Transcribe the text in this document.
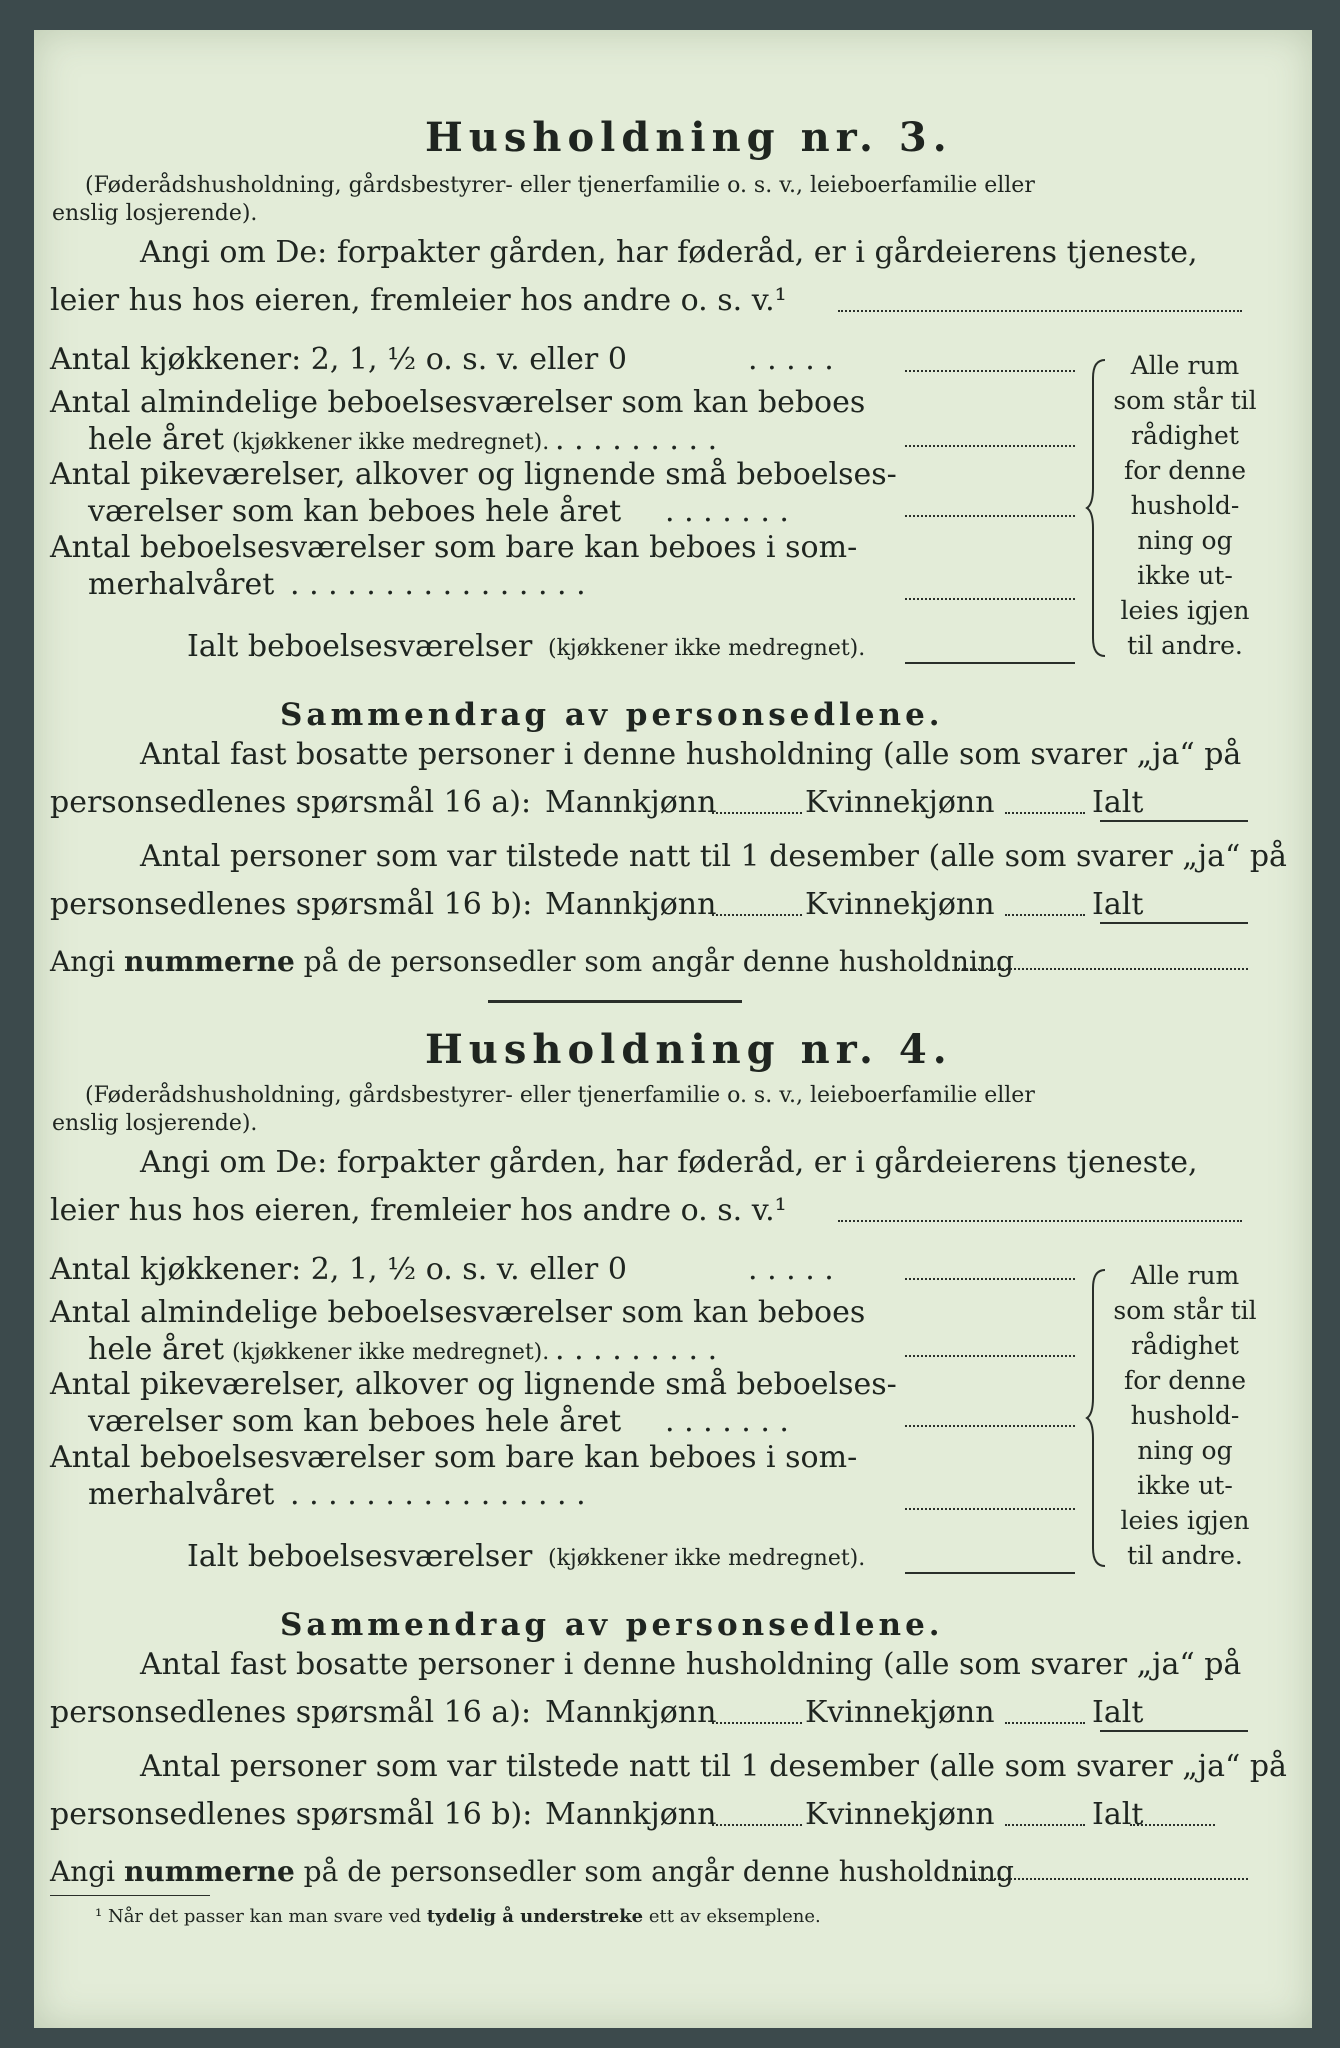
Husholdning nr. 3.
(Føderådshusholdning, gårdsbestyrer- eller tjenerfamilie o. s. v., leieboerfamilie eller
enslig losjerende).
Angi om De: forpakter gården, har føderåd, er i gårdeierens tjeneste,
leier hus hos eieren, fremleier hos andre o. s. v.¹
Antal kjøkkener: 2, 1, ½ o. s. v. eller 0	. . . . .
Antal almindelige beboelsesværelser som kan beboes
hele året (kjøkkener ikke medregnet). . . . . . . . . .
Antal pikeværelser, alkover og lignende små beboelses-
værelser som kan beboes hele året . . . . . . .
Antal beboelsesværelser som bare kan beboes i som-
merhalvåret . . . . . . . . . . . . . . . .
Ialt beboelsesværelser (kjøkkener ikke medregnet).
Alle rum
som står til
rådighet
for denne
hushold-
ning og
ikke ut-
leies igjen
til andre.
Sammendrag av personsedlene.
Antal fast bosatte personer i denne husholdning (alle som svarer „ja“ på
personsedlenes spørsmål 16 a): Mannkjønn	Kvinnekjønn	Ialt
Antal personer som var tilstede natt til 1 desember (alle som svarer „ja“ på
personsedlenes spørsmål 16 b): Mannkjønn	Kvinnekjønn	Ialt
Angi nummerne på de personsedler som angår denne husholdning
Husholdning nr. 4.
(Føderådshusholdning, gårdsbestyrer- eller tjenerfamilie o. s. v., leieboerfamilie eller
enslig losjerende).
Angi om De: forpakter gården, har føderåd, er i gårdeierens tjeneste,
leier hus hos eieren, fremleier hos andre o. s. v.¹
Antal kjøkkener: 2, 1, ½ o. s. v. eller 0	. . . . .
Antal almindelige beboelsesværelser som kan beboes
hele året (kjøkkener ikke medregnet). . . . . . . . . .
Antal pikeværelser, alkover og lignende små beboelses-
værelser som kan beboes hele året . . . . . . .
Antal beboelsesværelser som bare kan beboes i som-
merhalvåret . . . . . . . . . . . . . . . .
Ialt beboelsesværelser (kjøkkener ikke medregnet).
Alle rum
som står til
rådighet
for denne
hushold-
ning og
ikke ut-
leies igjen
til andre.
Sammendrag av personsedlene.
Antal fast bosatte personer i denne husholdning (alle som svarer „ja“ på
personsedlenes spørsmål 16 a): Mannkjønn	Kvinnekjønn	Ialt
Antal personer som var tilstede natt til 1 desember (alle som svarer „ja“ på
personsedlenes spørsmål 16 b): Mannkjønn	Kvinnekjønn	Ialt
Angi nummerne på de personsedler som angår denne husholdning
¹ Når det passer kan man svare ved tydelig å understreke ett av eksemplene.
